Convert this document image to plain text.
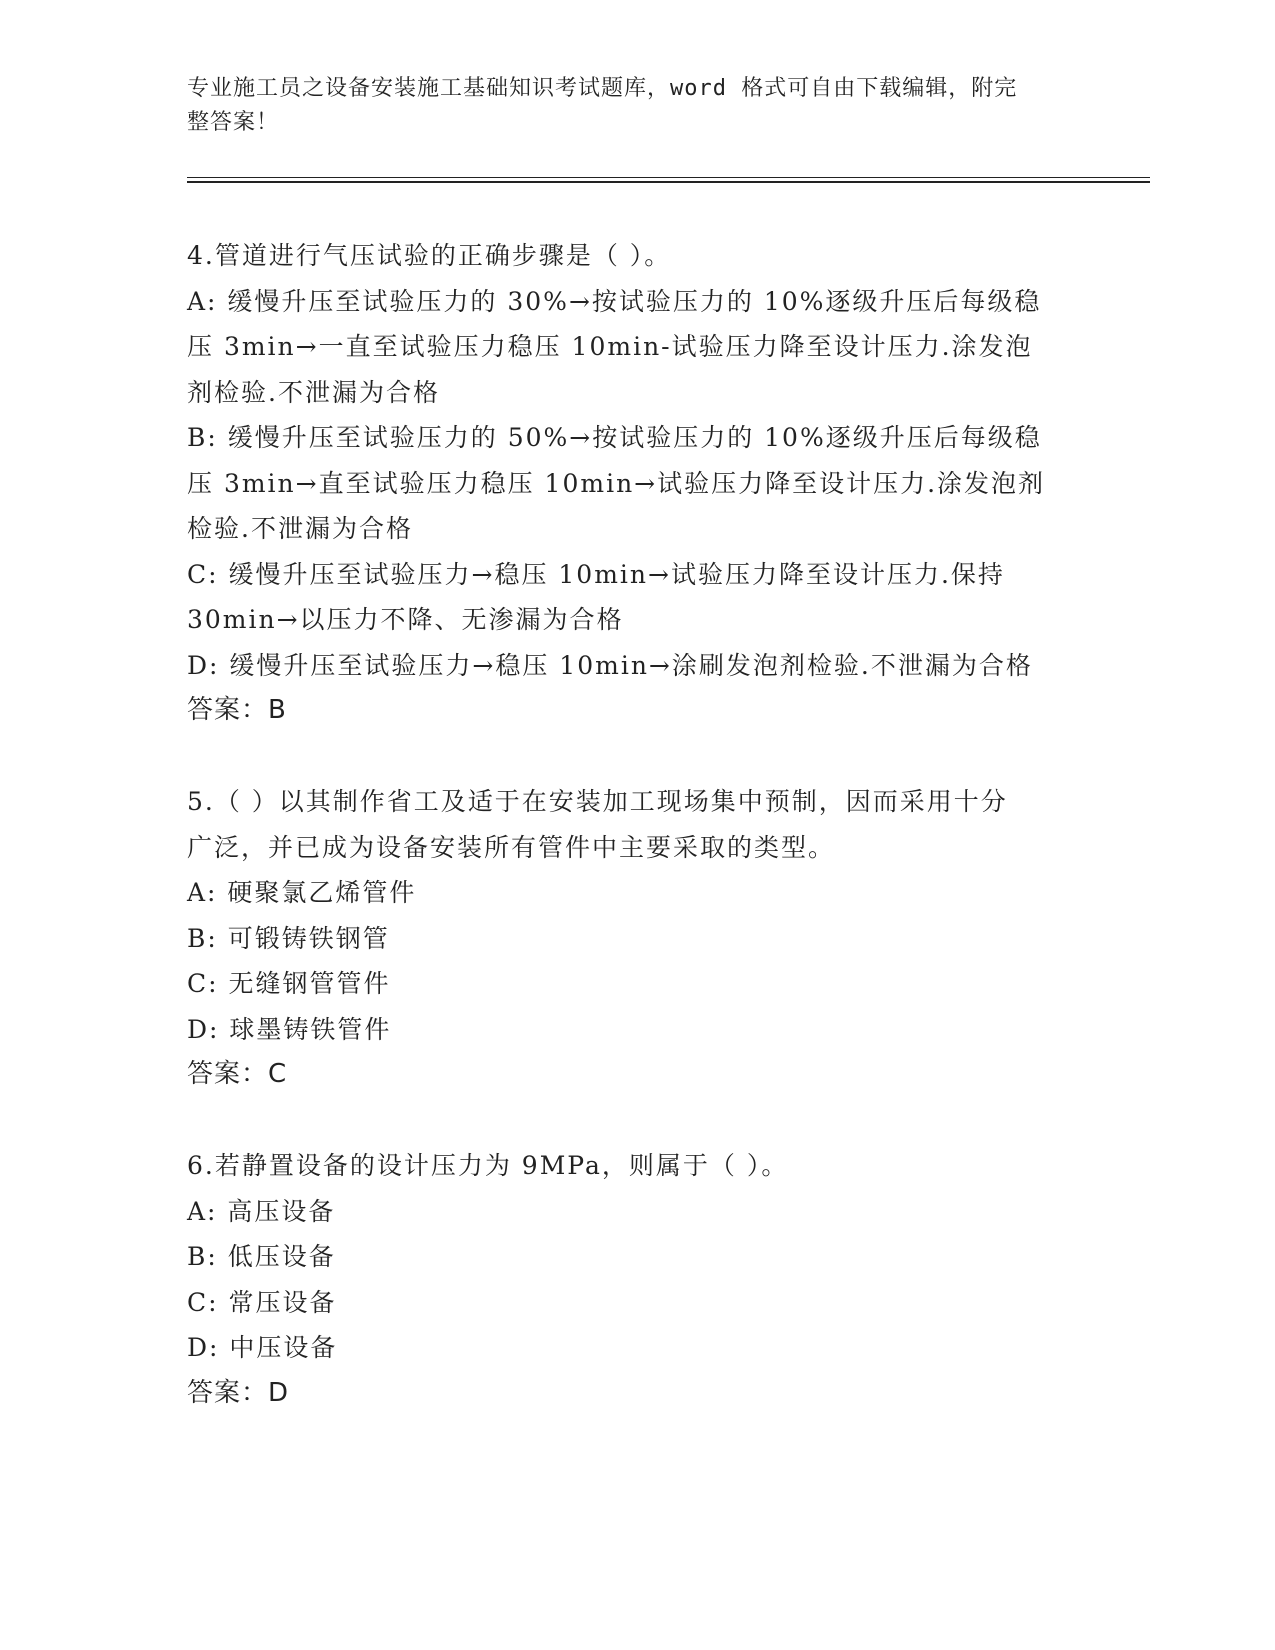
专业施工员之设备安装施工基础知识考试题库，word 格式可自由下载编辑，附完
整答案！
4.管道进行气压试验的正确步骤是（ ）。
A: 缓慢升压至试验压力的 30%→按试验压力的 10%逐级升压后每级稳
压 3min→一直至试验压力稳压 10min-试验压力降至设计压力.涂发泡
剂检验.不泄漏为合格
B: 缓慢升压至试验压力的 50%→按试验压力的 10%逐级升压后每级稳
压 3min→直至试验压力稳压 10min→试验压力降至设计压力.涂发泡剂
检验.不泄漏为合格
C: 缓慢升压至试验压力→稳压 10min→试验压力降至设计压力.保持
30min→以压力不降、无渗漏为合格
D: 缓慢升压至试验压力→稳压 10min→涂刷发泡剂检验.不泄漏为合格
答案：B
5.（ ）以其制作省工及适于在安装加工现场集中预制，因而采用十分
广泛，并已成为设备安装所有管件中主要采取的类型。
A: 硬聚氯乙烯管件
B: 可锻铸铁钢管
C: 无缝钢管管件
D: 球墨铸铁管件
答案：C
6.若静置设备的设计压力为 9MPa，则属于（ ）。
A: 高压设备
B: 低压设备
C: 常压设备
D: 中压设备
答案：D
